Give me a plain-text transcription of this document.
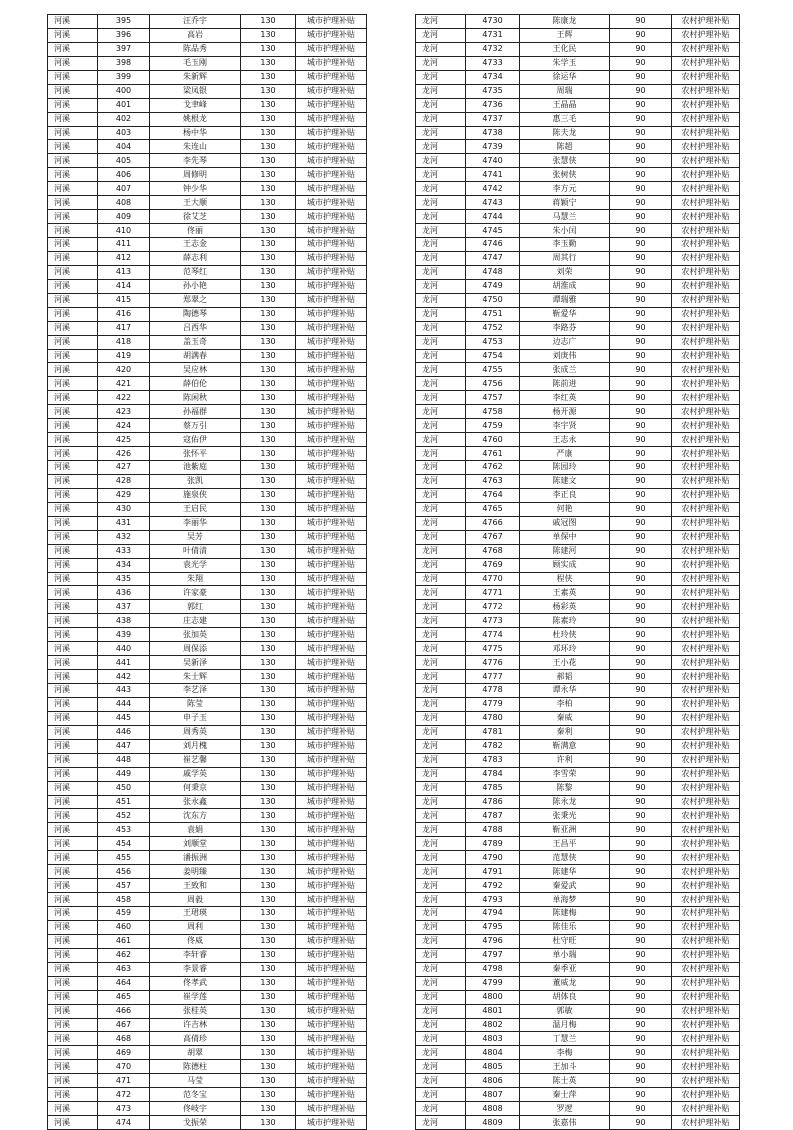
河溪	395	汪乔宇	130	城市护理补贴
河溪	396	高岩	130	城市护理补贴
河溪	397	陈品秀	130	城市护理补贴
河溪	398	毛玉刚	130	城市护理补贴
河溪	399	朱新辉	130	城市护理补贴
河溪	400	梁凤银	130	城市护理补贴
河溪	401	戈聿峰	130	城市护理补贴
河溪	402	姚根龙	130	城市护理补贴
河溪	403	杨中华	130	城市护理补贴
河溪	404	朱连山	130	城市护理补贴
河溪	405	李先琴	130	城市护理补贴
河溪	406	周修明	130	城市护理补贴
河溪	407	钟少华	130	城市护理补贴
河溪	408	王大顺	130	城市护理补贴
河溪	409	徐艾芝	130	城市护理补贴
河溪	410	佟丽	130	城市护理补贴
河溪	411	王志金	130	城市护理补贴
河溪	412	薛志利	130	城市护理补贴
河溪	413	范琴红	130	城市护理补贴
河溪	414	孙小艳	130	城市护理补贴
河溪	415	郑翠之	130	城市护理补贴
河溪	416	陶德琴	130	城市护理补贴
河溪	417	吕西华	130	城市护理补贴
河溪	418	盖玉奇	130	城市护理补贴
河溪	419	胡满春	130	城市护理补贴
河溪	420	吴应林	130	城市护理补贴
河溪	421	薛伯伦	130	城市护理补贴
河溪	422	陈闲秋	130	城市护理补贴
河溪	423	孙福群	130	城市护理补贴
河溪	424	蔡万引	130	城市护理补贴
河溪	425	寇佑伊	130	城市护理补贴
河溪	426	张怀平	130	城市护理补贴
河溪	427	池紫庭	130	城市护理补贴
河溪	428	张凯	130	城市护理补贴
河溪	429	施泉侠	130	城市护理补贴
河溪	430	王启民	130	城市护理补贴
河溪	431	李丽华	130	城市护理补贴
河溪	432	吴芳	130	城市护理补贴
河溪	433	叶倩清	130	城市护理补贴
河溪	434	袁光学	130	城市护理补贴
河溪	435	朱翔	130	城市护理补贴
河溪	436	许家豪	130	城市护理补贴
河溪	437	郭红	130	城市护理补贴
河溪	438	庄志建	130	城市护理补贴
河溪	439	张加英	130	城市护理补贴
河溪	440	周保添	130	城市护理补贴
河溪	441	吴新泽	130	城市护理补贴
河溪	442	朱士辉	130	城市护理补贴
河溪	443	李艺泽	130	城市护理补贴
河溪	444	陈莹	130	城市护理补贴
河溪	445	申子玉	130	城市护理补贴
河溪	446	周秀英	130	城市护理补贴
河溪	447	刘月槐	130	城市护理补贴
河溪	448	崔艺馨	130	城市护理补贴
河溪	449	戚学英	130	城市护理补贴
河溪	450	何秉京	130	城市护理补贴
河溪	451	张永鑫	130	城市护理补贴
河溪	452	沈东方	130	城市护理补贴
河溪	453	袁娟	130	城市护理补贴
河溪	454	刘顺堂	130	城市护理补贴
河溪	455	潘振洲	130	城市护理补贴
河溪	456	姜明臻	130	城市护理补贴
河溪	457	王致和	130	城市护理补贴
河溪	458	周毅	130	城市护理补贴
河溪	459	王珺瑛	130	城市护理补贴
河溪	460	周利	130	城市护理补贴
河溪	461	佟威	130	城市护理补贴
河溪	462	李轩睿	130	城市护理补贴
河溪	463	李景睿	130	城市护理补贴
河溪	464	佟孝武	130	城市护理补贴
河溪	465	崔学莲	130	城市护理补贴
河溪	466	张桂英	130	城市护理补贴
河溪	467	许吉林	130	城市护理补贴
河溪	468	高倩珍	130	城市护理补贴
河溪	469	胡翠	130	城市护理补贴
河溪	470	陈德柱	130	城市护理补贴
河溪	471	马莹	130	城市护理补贴
河溪	472	范冬宝	130	城市护理补贴
河溪	473	佟岐宇	130	城市护理补贴
河溪	474	戈振荣	130	城市护理补贴
龙河	4730	陈康龙	90	农村护理补贴
龙河	4731	王辉	90	农村护理补贴
龙河	4732	王化民	90	农村护理补贴
龙河	4733	朱学玉	90	农村护理补贴
龙河	4734	徐运华	90	农村护理补贴
龙河	4735	周瑞	90	农村护理补贴
龙河	4736	王晶晶	90	农村护理补贴
龙河	4737	惠三毛	90	农村护理补贴
龙河	4738	陈夫龙	90	农村护理补贴
龙河	4739	陈超	90	农村护理补贴
龙河	4740	张慧侠	90	农村护理补贴
龙河	4741	张树侠	90	农村护理补贴
龙河	4742	李方元	90	农村护理补贴
龙河	4743	蒋颖宁	90	农村护理补贴
龙河	4744	马慧兰	90	农村护理补贴
龙河	4745	朱小闰	90	农村护理补贴
龙河	4746	李玉勤	90	农村护理补贴
龙河	4747	周其行	90	农村护理补贴
龙河	4748	刘荣	90	农村护理补贴
龙河	4749	胡淮成	90	农村护理补贴
龙河	4750	谭瑞雅	90	农村护理补贴
龙河	4751	靳爱华	90	农村护理补贴
龙河	4752	李路芬	90	农村护理补贴
龙河	4753	边志广	90	农村护理补贴
龙河	4754	刘庚伟	90	农村护理补贴
龙河	4755	张成兰	90	农村护理补贴
龙河	4756	陈前进	90	农村护理补贴
龙河	4757	李红英	90	农村护理补贴
龙河	4758	杨开源	90	农村护理补贴
龙河	4759	李宇贤	90	农村护理补贴
龙河	4760	王志永	90	农村护理补贴
龙河	4761	严康	90	农村护理补贴
龙河	4762	陈园玲	90	农村护理补贴
龙河	4763	陈建文	90	农村护理补贴
龙河	4764	李正良	90	农村护理补贴
龙河	4765	何艳	90	农村护理补贴
龙河	4766	戚冠图	90	农村护理补贴
龙河	4767	单保中	90	农村护理补贴
龙河	4768	陈建河	90	农村护理补贴
龙河	4769	顾实成	90	农村护理补贴
龙河	4770	程侠	90	农村护理补贴
龙河	4771	王素英	90	农村护理补贴
龙河	4772	杨彩英	90	农村护理补贴
龙河	4773	陈素玲	90	农村护理补贴
龙河	4774	杜玲侠	90	农村护理补贴
龙河	4775	邓环玲	90	农村护理补贴
龙河	4776	王小花	90	农村护理补贴
龙河	4777	郝韬	90	农村护理补贴
龙河	4778	谭永华	90	农村护理补贴
龙河	4779	李柏	90	农村护理补贴
龙河	4780	秦威	90	农村护理补贴
龙河	4781	秦利	90	农村护理补贴
龙河	4782	靳满意	90	农村护理补贴
龙河	4783	许利	90	农村护理补贴
龙河	4784	李雪荣	90	农村护理补贴
龙河	4785	陈黎	90	农村护理补贴
龙河	4786	陈永龙	90	农村护理补贴
龙河	4787	张秉光	90	农村护理补贴
龙河	4788	靳亚洲	90	农村护理补贴
龙河	4789	王昌平	90	农村护理补贴
龙河	4790	范慧侠	90	农村护理补贴
龙河	4791	陈建华	90	农村护理补贴
龙河	4792	秦爱武	90	农村护理补贴
龙河	4793	单海梦	90	农村护理补贴
龙河	4794	陈建梅	90	农村护理补贴
龙河	4795	陈佳乐	90	农村护理补贴
龙河	4796	杜守旺	90	农村护理补贴
龙河	4797	单小瑞	90	农村护理补贴
龙河	4798	秦季亚	90	农村护理补贴
龙河	4799	董威龙	90	农村护理补贴
龙河	4800	胡体良	90	农村护理补贴
龙河	4801	郭敏	90	农村护理补贴
龙河	4802	温月梅	90	农村护理补贴
龙河	4803	丁慧兰	90	农村护理补贴
龙河	4804	李梅	90	农村护理补贴
龙河	4805	王加斗	90	农村护理补贴
龙河	4806	陈士英	90	农村护理补贴
龙河	4807	秦士萍	90	农村护理补贴
龙河	4808	罗逻	90	农村护理补贴
龙河	4809	张嘉伟	90	农村护理补贴
